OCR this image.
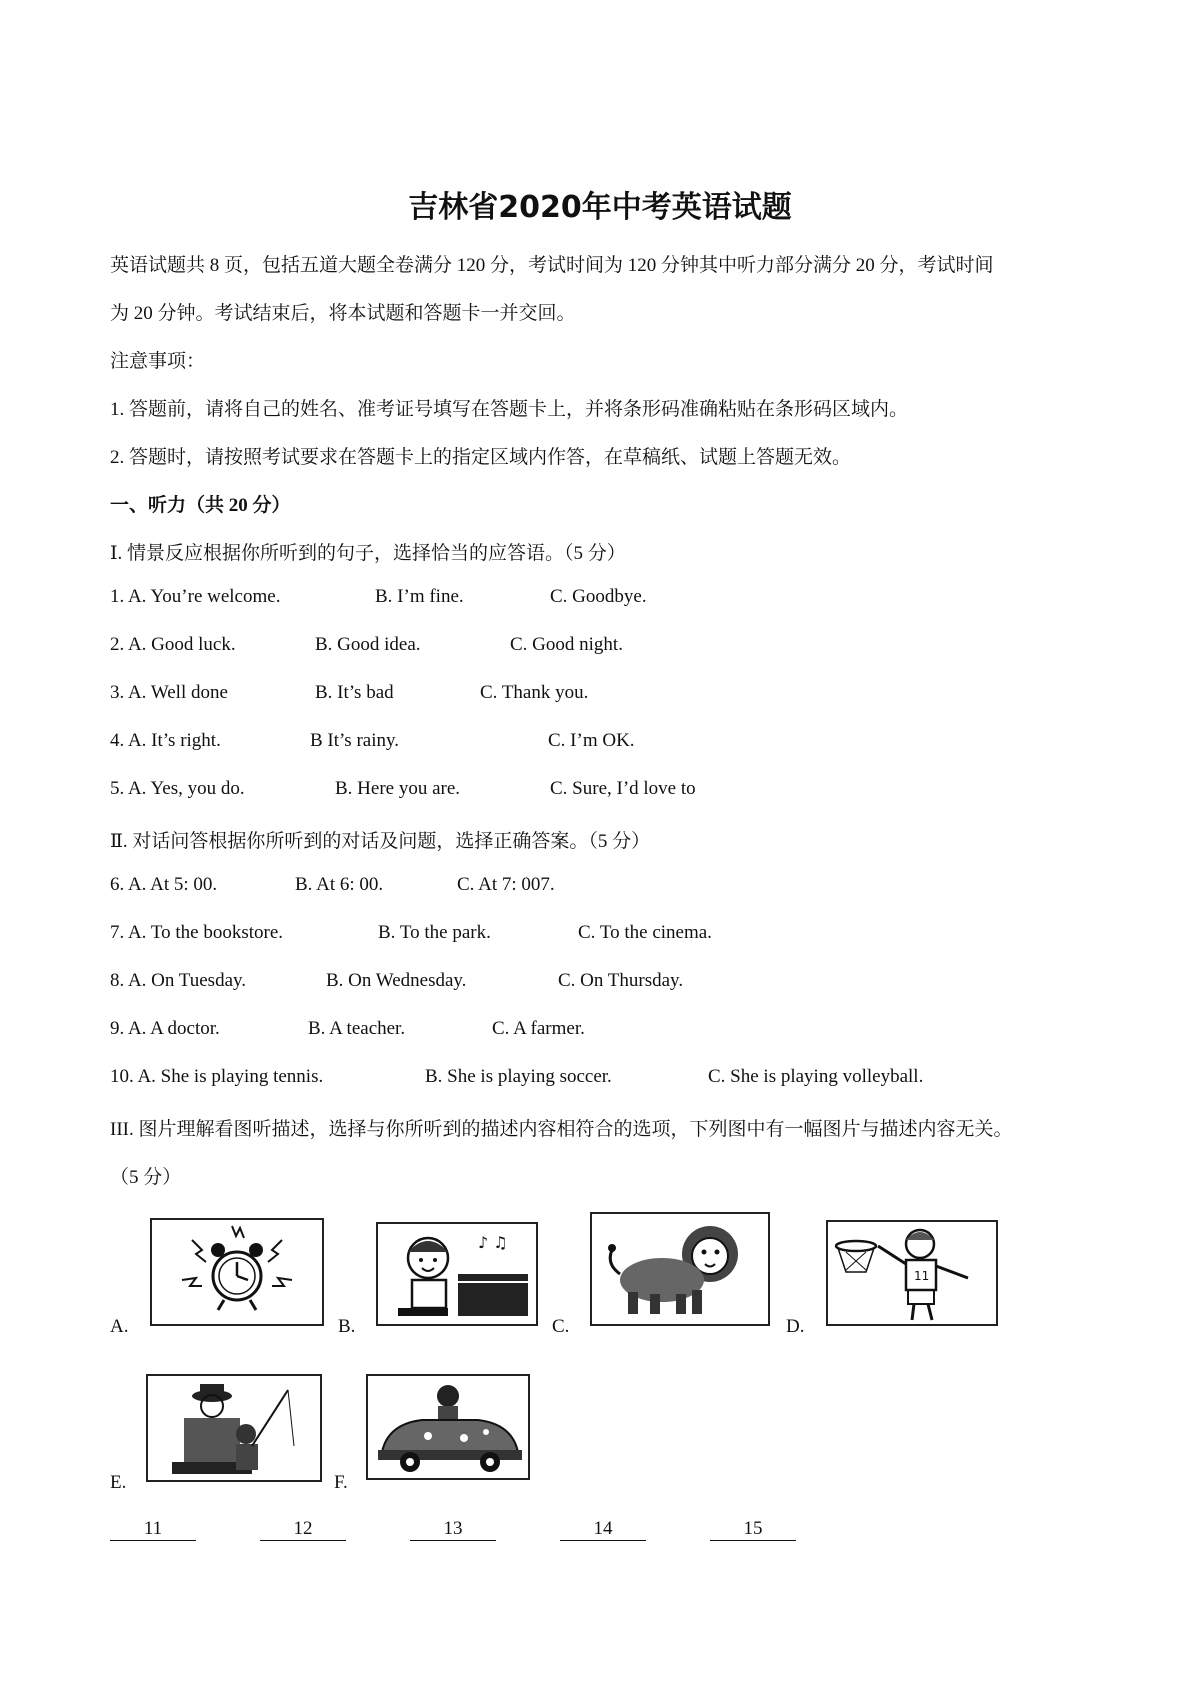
吉林省2020年中考英语试题
英语试题共 8 页，包括五道大题全卷满分 120 分，考试时间为 120 分钟其中听力部分满分 20 分，考试时间
为 20 分钟。考试结束后，将本试题和答题卡一并交回。
注意事项：
1. 答题前，请将自己的姓名、准考证号填写在答题卡上，并将条形码准确粘贴在条形码区域内。
2. 答题时，请按照考试要求在答题卡上的指定区域内作答，在草稿纸、试题上答题无效。
一、听力（共 20 分）
Ⅰ. 情景反应根据你所听到的句子，选择恰当的应答语。（5 分）
1. A. You’re welcome.	B. I’m fine.	C. Goodbye.
2. A. Good luck.	B. Good idea.	C. Good night.
3. A. Well done	B. It’s bad	C. Thank you.
4. A. It’s right.	B It’s rainy.	C. I’m OK.
5. A. Yes, you do.	B. Here you are.	C. Sure, I’d love to
Ⅱ. 对话问答根据你所听到的对话及问题，选择正确答案。（5 分）
6. A. At 5: 00.	B. At 6: 00.	C. At 7: 007.
7. A. To the bookstore.	B. To the park.	C. To the cinema.
8. A. On Tuesday.	B. On Wednesday.	C. On Thursday.
9. A. A doctor.	B. A teacher.	C. A farmer.
10. A. She is playing tennis.	B. She is playing soccer.	C. She is playing volleyball.
III. 图片理解看图听描述，选择与你所听到的描述内容相符合的选项，下列图中有一幅图片与描述内容无关。
（5 分）
A.	B.
♪ ♫
C.	D.
11
E.	F.
11	12	13	14	15
